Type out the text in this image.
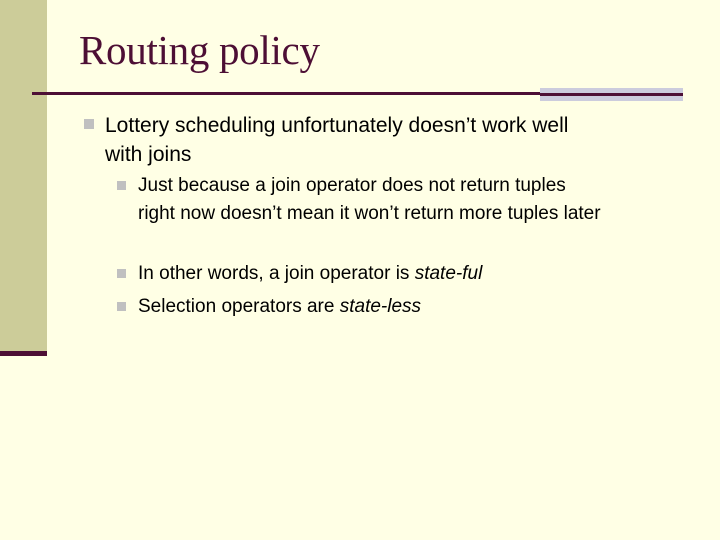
Routing policy
Lottery scheduling unfortunately doesn’t work well
with joins
Just because a join operator does not return tuples
right now doesn’t mean it won’t return more tuples later
In other words, a join operator is state-ful
Selection operators are state-less
